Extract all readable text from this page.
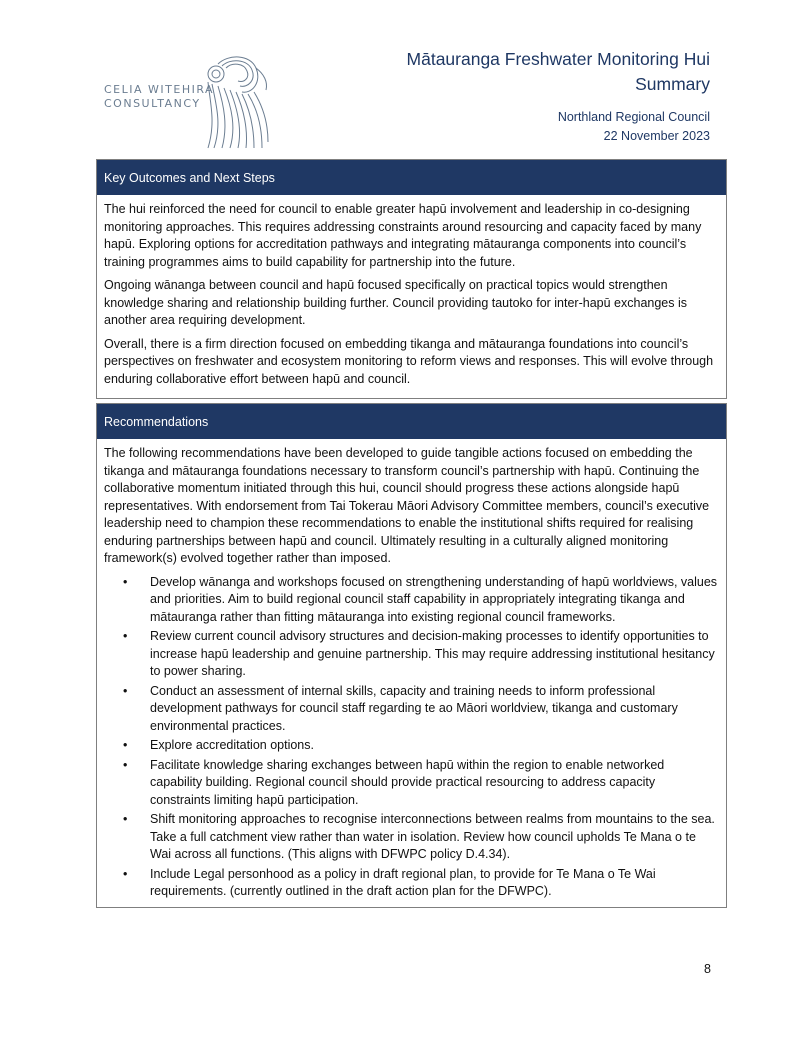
CELIA WITEHIRA
CONSULTANCY
Mātauranga Freshwater Monitoring Hui
Summary
Northland Regional Council
22 November 2023
Key Outcomes and Next Steps

The hui reinforced the need for council to enable greater hapū involvement and leadership in co-designing monitoring approaches. This requires addressing constraints around resourcing and capacity faced by many hapū. Exploring options for accreditation pathways and integrating mātauranga components into council’s training programmes aims to build capability for partnership into the future.

Ongoing wānanga between council and hapū focused specifically on practical topics would strengthen knowledge sharing and relationship building further. Council providing tautoko for inter-hapū exchanges is another area requiring development.

Overall, there is a firm direction focused on embedding tikanga and mātauranga foundations into council’s perspectives on freshwater and ecosystem monitoring to reform views and responses. This will evolve through enduring collaborative effort between hapū and council.

Recommendations

The following recommendations have been developed to guide tangible actions focused on embedding the tikanga and mātauranga foundations necessary to transform council’s partnership with hapū. Continuing the collaborative momentum initiated through this hui, council should progress these actions alongside hapū representatives. With endorsement from Tai Tokerau Māori Advisory Committee members, council’s executive leadership need to champion these recommendations to enable the institutional shifts required for realising enduring partnerships between hapū and council. Ultimately resulting in a culturally aligned monitoring framework(s) evolved together rather than imposed.

• Develop wānanga and workshops focused on strengthening understanding of hapū worldviews, values and priorities. Aim to build regional council staff capability in appropriately integrating tikanga and mātauranga rather than fitting mātauranga into existing regional council frameworks.
• Review current council advisory structures and decision-making processes to identify opportunities to increase hapū leadership and genuine partnership. This may require addressing institutional hesitancy to power sharing.
• Conduct an assessment of internal skills, capacity and training needs to inform professional development pathways for council staff regarding te ao Māori worldview, tikanga and customary environmental practices.
• Explore accreditation options.
• Facilitate knowledge sharing exchanges between hapū within the region to enable networked capability building. Regional council should provide practical resourcing to address capacity constraints limiting hapū participation.
• Shift monitoring approaches to recognise interconnections between realms from mountains to the sea. Take a full catchment view rather than water in isolation. Review how council upholds Te Mana o te Wai across all functions. (This aligns with DFWPC policy D.4.34).
• Include Legal personhood as a policy in draft regional plan, to provide for Te Mana o Te Wai requirements. (currently outlined in the draft action plan for the DFWPC).
8
